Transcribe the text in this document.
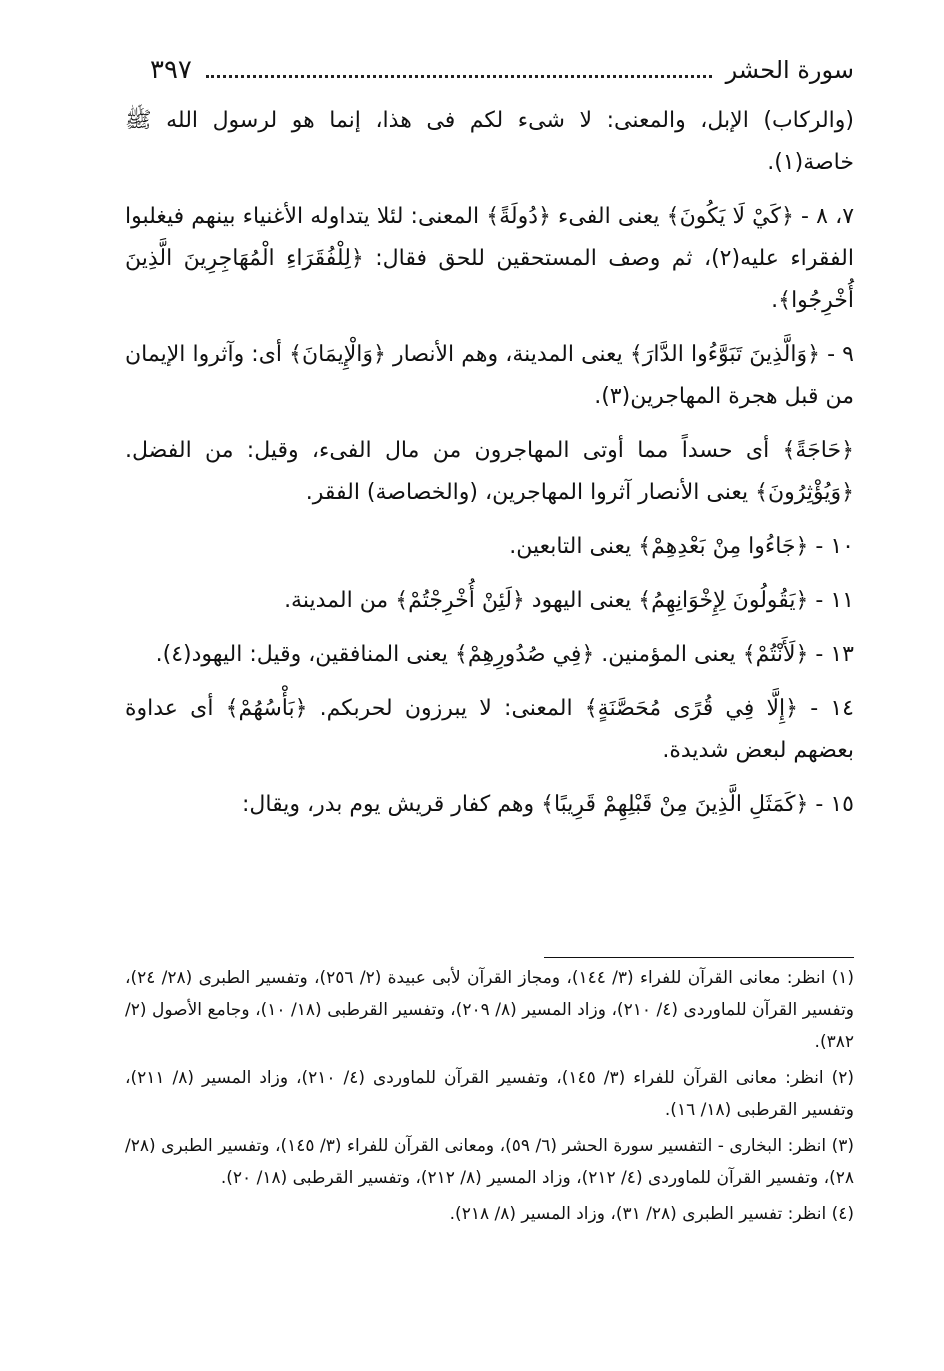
سورة الحشر
٣٩٧

(والركاب) الإبل، والمعنى: لا شىء لكم فى هذا، إنما هو لرسول الله ﷺ خاصة(١).

٧، ٨ - ﴿كَيْ لَا يَكُونَ﴾ يعنى الفىء ﴿دُولَةً﴾ المعنى: لئلا يتداوله الأغنياء بينهم فيغلبوا الفقراء عليه(٢)، ثم وصف المستحقين للحق فقال: ﴿لِلْفُقَرَاءِ الْمُهَاجِرِينَ الَّذِينَ أُخْرِجُوا﴾.

٩ - ﴿وَالَّذِينَ تَبَوَّءُوا الدَّارَ﴾ يعنى المدينة، وهم الأنصار ﴿وَالْإِيمَانَ﴾ أى: وآثروا الإيمان من قبل هجرة المهاجرين(٣).

﴿حَاجَةً﴾ أى حسداً مما أوتى المهاجرون من مال الفىء، وقيل: من الفضل. ﴿وَيُؤْثِرُونَ﴾ يعنى الأنصار آثروا المهاجرين، (والخصاصة) الفقر.

١٠ - ﴿جَاءُوا مِنْ بَعْدِهِمْ﴾ يعنى التابعين.

١١ - ﴿يَقُولُونَ لِإِخْوَانِهِمُ﴾ يعنى اليهود ﴿لَئِنْ أُخْرِجْتُمْ﴾ من المدينة.

١٣ - ﴿لَأَنْتُمْ﴾ يعنى المؤمنين. ﴿فِي صُدُورِهِمْ﴾ يعنى المنافقين، وقيل: اليهود(٤).

١٤ - ﴿إِلَّا فِي قُرًى مُحَصَّنَةٍ﴾ المعنى: لا يبرزون لحربكم. ﴿بَأْسُهُمْ﴾ أى عداوة بعضهم لبعض شديدة.

١٥ - ﴿كَمَثَلِ الَّذِينَ مِنْ قَبْلِهِمْ قَرِيبًا﴾ وهم كفار قريش يوم بدر، ويقال:

(١) انظر: معانى القرآن للفراء (٣/ ١٤٤)، ومجاز القرآن لأبى عبيدة (٢/ ٢٥٦)، وتفسير الطبرى (٢٨/ ٢٤)، وتفسير القرآن للماوردى (٤/ ٢١٠)، وزاد المسير (٨/ ٢٠٩)، وتفسير القرطبى (١٨/ ١٠)، وجامع الأصول (٢/ ٣٨٢).

(٢) انظر: معانى القرآن للفراء (٣/ ١٤٥)، وتفسير القرآن للماوردى (٤/ ٢١٠)، وزاد المسير (٨/ ٢١١)، وتفسير القرطبى (١٨/ ١٦).

(٣) انظر: البخارى - التفسير سورة الحشر (٦/ ٥٩)، ومعانى القرآن للفراء (٣/ ١٤٥)، وتفسير الطبرى (٢٨/ ٢٨)، وتفسير القرآن للماوردى (٤/ ٢١٢)، وزاد المسير (٨/ ٢١٢)، وتفسير القرطبى (١٨/ ٢٠).

(٤) انظر: تفسير الطبرى (٢٨/ ٣١)، وزاد المسير (٨/ ٢١٨).
